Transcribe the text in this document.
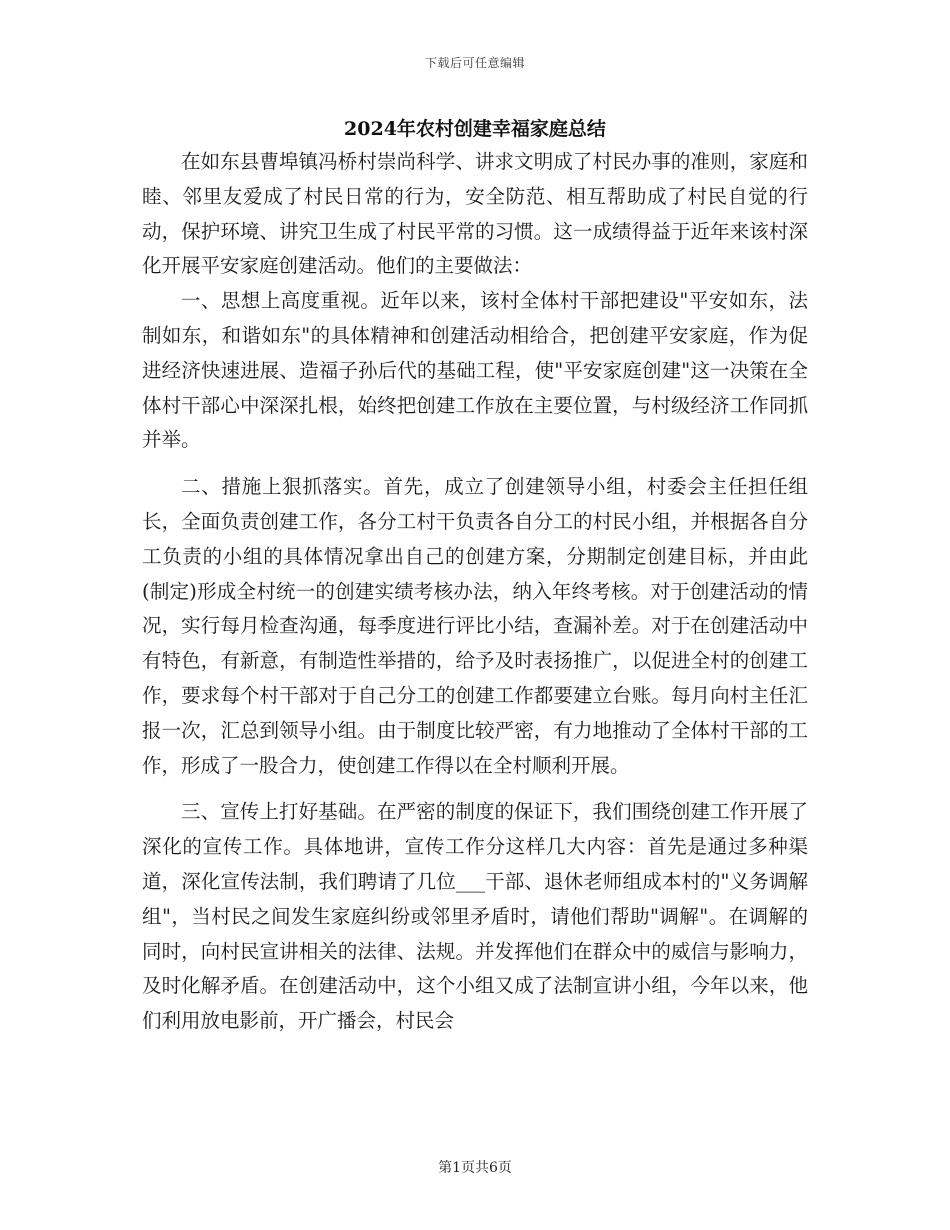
下载后可任意编辑
2024年农村创建幸福家庭总结

在如东县曹埠镇冯桥村崇尚科学、讲求文明成了村民办事的准则，家庭和睦、邻里友爱成了村民日常的行为，安全防范、相互帮助成了村民自觉的行动，保护环境、讲究卫生成了村民平常的习惯。这一成绩得益于近年来该村深化开展平安家庭创建活动。他们的主要做法：

一、思想上高度重视。近年以来，该村全体村干部把建设"平安如东，法制如东，和谐如东"的具体精神和创建活动相给合，把创建平安家庭，作为促进经济快速进展、造福子孙后代的基础工程，使"平安家庭创建"这一决策在全体村干部心中深深扎根，始终把创建工作放在主要位置，与村级经济工作同抓并举。

二、措施上狠抓落实。首先，成立了创建领导小组，村委会主任担任组长，全面负责创建工作，各分工村干负责各自分工的村民小组，并根据各自分工负责的小组的具体情况拿出自己的创建方案，分期制定创建目标，并由此(制定)形成全村统一的创建实绩考核办法，纳入年终考核。对于创建活动的情况，实行每月检查沟通，每季度进行评比小结，查漏补差。对于在创建活动中有特色，有新意，有制造性举措的，给予及时表扬推广，以促进全村的创建工作，要求每个村干部对于自己分工的创建工作都要建立台账。每月向村主任汇报一次，汇总到领导小组。由于制度比较严密，有力地推动了全体村干部的工作，形成了一股合力，使创建工作得以在全村顺利开展。

三、宣传上打好基础。在严密的制度的保证下，我们围绕创建工作开展了深化的宣传工作。具体地讲，宣传工作分这样几大内容：首先是通过多种渠道，深化宣传法制，我们聘请了几位___干部、退休老师组成本村的"义务调解组"，当村民之间发生家庭纠纷或邻里矛盾时，请他们帮助"调解"。在调解的同时，向村民宣讲相关的法律、法规。并发挥他们在群众中的威信与影响力，及时化解矛盾。在创建活动中，这个小组又成了法制宣讲小组，今年以来，他们利用放电影前，开广播会，村民会

第1页共6页
